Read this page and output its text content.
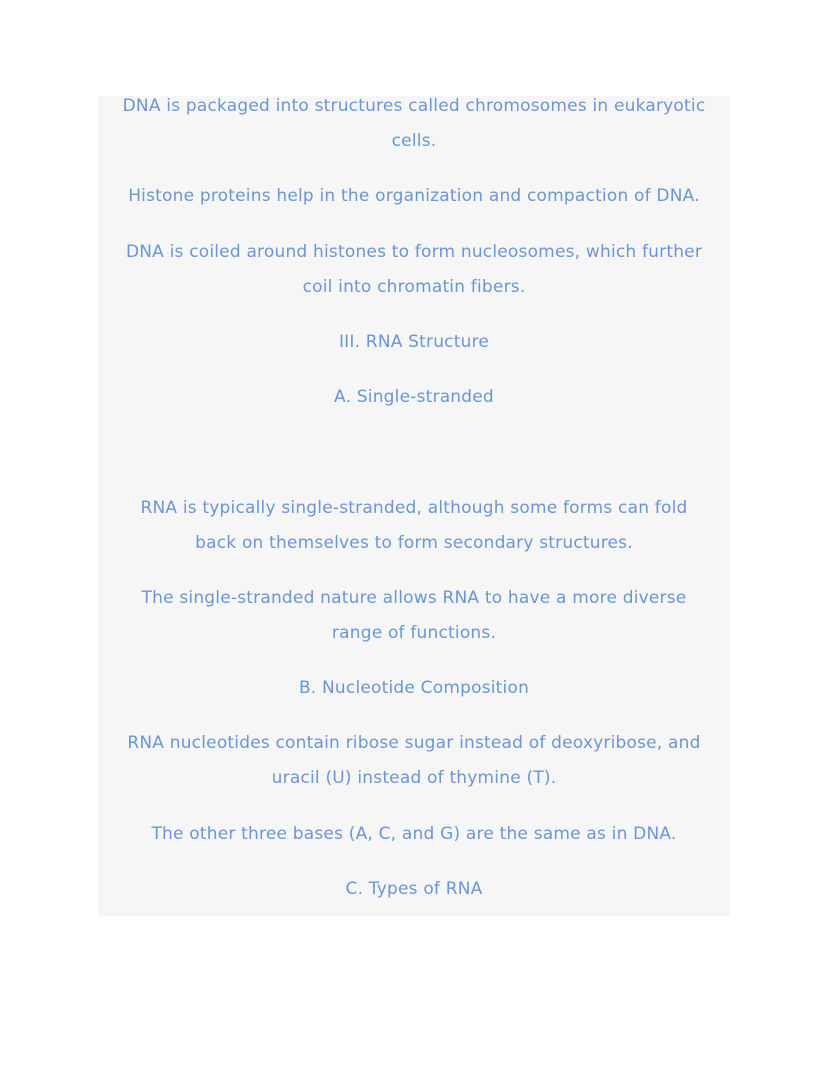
DNA is packaged into structures called chromosomes in eukaryotic
cells.
Histone proteins help in the organization and compaction of DNA.
DNA is coiled around histones to form nucleosomes, which further
coil into chromatin fibers.
III. RNA Structure
A. Single-stranded
RNA is typically single-stranded, although some forms can fold
back on themselves to form secondary structures.
The single-stranded nature allows RNA to have a more diverse
range of functions.
B. Nucleotide Composition
RNA nucleotides contain ribose sugar instead of deoxyribose, and
uracil (U) instead of thymine (T).
The other three bases (A, C, and G) are the same as in DNA.
C. Types of RNA
